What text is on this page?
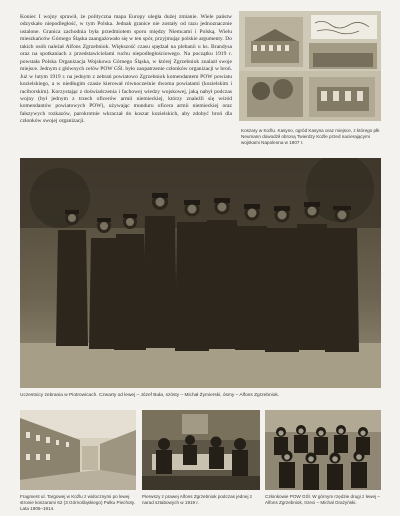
Koniec I wojny sprawił, że polityczna mapa Europy uległa dużej zmianie. Wiele państw odzyskało niepodległość, w tym Polska. Jednak granice nie zostały od razu jednoznacznie ustalone. Granica zachodnia była przedmiotem sporu między Niemcami i Polską. Wielu mieszkańców Górnego Śląska zaangażowało się w ten spór, przyjmując polskie argumenty. Do takich osób należał Alfons Zgrzebniok. Większość czasu spędzał na plebanii u ks. Brandysa oraz na spotkaniach z przedstawicielami ruchu niepodległościowego. Na początku 1919 r. powstała Polska Organizacja Wojskowa Górnego Śląska, w której Zgrzebniok znalazł swoje miejsce. Jednym z głównych celów POW GŚl. było zaopatrzenie członków organizacji w broń. Już w lutym 1919 r. na jednym z zebrań powiatowo Zgrzebniok komendantem POW powiatu kozielskiego, a w niedługim czasie kierował równocześnie dwoma powiatami (kozielskim i raciborskim). Korzystając z doświadczenia i fachowej wiedzy wojskowej, jaką nabył podczas wojny (był jednym z trzech oficerów armii niemieckiej, którzy znaleźli się wśród komendantów powiatowych POW), używając munduru oficera armii niemieckiej oraz fałszywych rozkazów, parokrotnie wkraczał do koszar kozielskich, aby zdobyć broń dla członków swojej organizacji.
Koszary w Koźlu. Kasyno, ogród Kasyna oraz miejsce, z którego płk Neumann dowodził obroną Twierdzy Koźle przed nacierającymi wojskami Napoleona w 1807 r.
Uczestnicy zebrania w Piotrowicach. Czwarty od lewej – Józef Buła, szósty – Michał Żymierski, ósmy – Alfons Zgrzebniok.
Fragment ul. Targowej w Koźlu z widocznymi po lewej stronie koszarami 62 (3 Górnośląskiego) Pułku Piechoty. Lata 1905–1914.
Pierwszy z prawej Alfons Zgrzebniok podczas jednej z narad sztabowych w 1919 r.
Członkowie POW GŚl. W górnym rzędzie drugi z lewej – Alfons Zgrzebniok, trzeci – Michał Grażyński.
